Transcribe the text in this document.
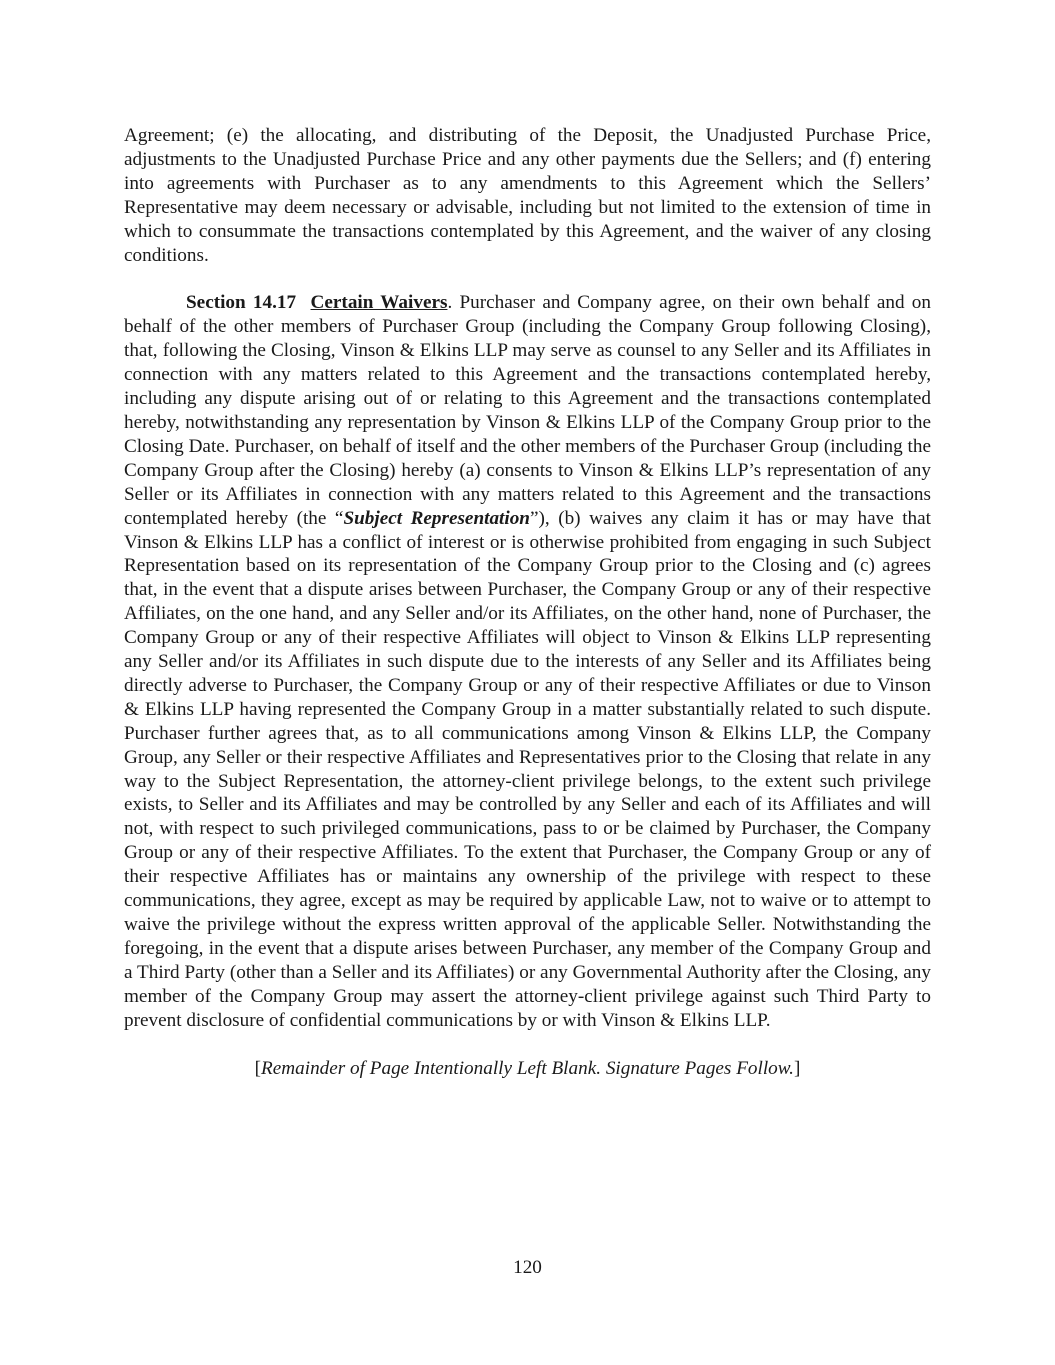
Agreement; (e) the allocating, and distributing of the Deposit, the Unadjusted Purchase Price, adjustments to the Unadjusted Purchase Price and any other payments due the Sellers; and (f) entering into agreements with Purchaser as to any amendments to this Agreement which the Sellers’ Representative may deem necessary or advisable, including but not limited to the extension of time in which to consummate the transactions contemplated by this Agreement, and the waiver of any closing conditions.

Section 14.17 Certain Waivers. Purchaser and Company agree, on their own behalf and on behalf of the other members of Purchaser Group (including the Company Group following Closing), that, following the Closing, Vinson & Elkins LLP may serve as counsel to any Seller and its Affiliates in connection with any matters related to this Agreement and the transactions contemplated hereby, including any dispute arising out of or relating to this Agreement and the transactions contemplated hereby, notwithstanding any representation by Vinson & Elkins LLP of the Company Group prior to the Closing Date. Purchaser, on behalf of itself and the other members of the Purchaser Group (including the Company Group after the Closing) hereby (a) consents to Vinson & Elkins LLP’s representation of any Seller or its Affiliates in connection with any matters related to this Agreement and the transactions contemplated hereby (the “Subject Representation”), (b) waives any claim it has or may have that Vinson & Elkins LLP has a conflict of interest or is otherwise prohibited from engaging in such Subject Representation based on its representation of the Company Group prior to the Closing and (c) agrees that, in the event that a dispute arises between Purchaser, the Company Group or any of their respective Affiliates, on the one hand, and any Seller and/or its Affiliates, on the other hand, none of Purchaser, the Company Group or any of their respective Affiliates will object to Vinson & Elkins LLP representing any Seller and/or its Affiliates in such dispute due to the interests of any Seller and its Affiliates being directly adverse to Purchaser, the Company Group or any of their respective Affiliates or due to Vinson & Elkins LLP having represented the Company Group in a matter substantially related to such dispute. Purchaser further agrees that, as to all communications among Vinson & Elkins LLP, the Company Group, any Seller or their respective Affiliates and Representatives prior to the Closing that relate in any way to the Subject Representation, the attorney-client privilege belongs, to the extent such privilege exists, to Seller and its Affiliates and may be controlled by any Seller and each of its Affiliates and will not, with respect to such privileged communications, pass to or be claimed by Purchaser, the Company Group or any of their respective Affiliates. To the extent that Purchaser, the Company Group or any of their respective Affiliates has or maintains any ownership of the privilege with respect to these communications, they agree, except as may be required by applicable Law, not to waive or to attempt to waive the privilege without the express written approval of the applicable Seller. Notwithstanding the foregoing, in the event that a dispute arises between Purchaser, any member of the Company Group and a Third Party (other than a Seller and its Affiliates) or any Governmental Authority after the Closing, any member of the Company Group may assert the attorney-client privilege against such Third Party to prevent disclosure of confidential communications by or with Vinson & Elkins LLP.

[Remainder of Page Intentionally Left Blank. Signature Pages Follow.]

120
